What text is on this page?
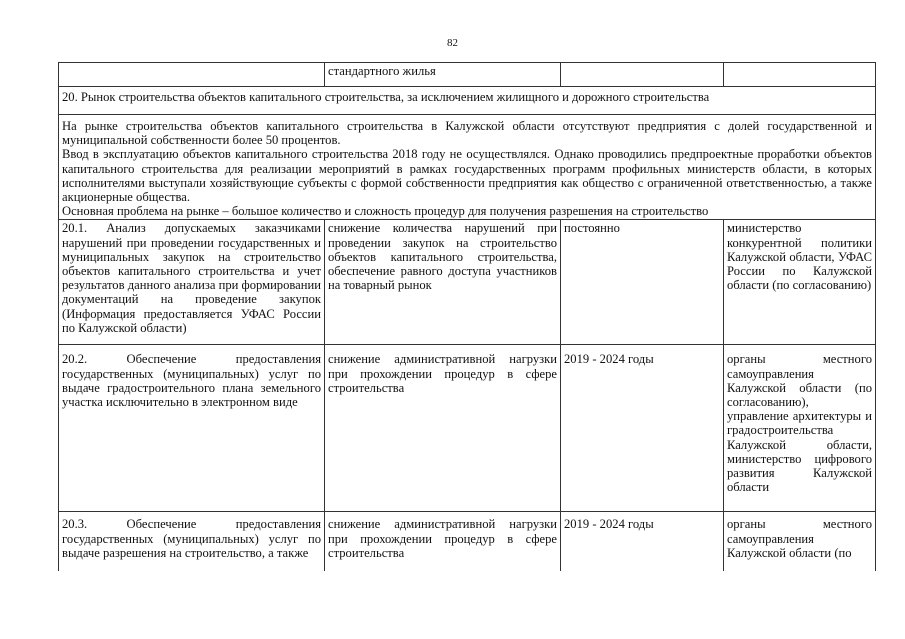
82
	стандартного жилья		
20. Рынок строительства объектов капитального строительства, за исключением жилищного и дорожного строительства			

На рынке строительства объектов капитального строительства в Калужской области отсутствуют предприятия с долей государственной и муниципальной собственности более 50 процентов.

Ввод в эксплуатацию объектов капитального строительства 2018 году не осуществлялся. Однако проводились предпроектные проработки объектов капитального строительства для реализации мероприятий в рамках государственных программ профильных министерств области, в которых исполнителями выступали хозяйствующие субъекты с формой собственности предприятия как общество с ограниченной ответственностью, а также акционерные общества.

Основная проблема на рынке – большое количество и сложность процедур для получения разрешения на строительство			

20.1. Анализ допускаемых заказчиками нарушений при проведении государственных и муниципальных закупок на строительство объектов капитального строительства и учет результатов данного анализа при формировании документаций на проведение закупок (Информация предоставляется УФАС России по Калужской области)	снижение количества нарушений при проведении закупок на строительство объектов капитального строительства, обеспечение равного доступа участников на товарный рынок	постоянно	министерство конкурентной политики Калужской области, УФАС России по Калужской области (по согласованию)
20.2. Обеспечение предоставления государственных (муниципальных) услуг по выдаче градостроительного плана земельного участка исключительно в электронном виде	снижение административной нагрузки при прохождении процедур в сфере строительства	2019 - 2024 годы	органы местного самоуправления Калужской области (по согласованию), управление архитектуры и градостроительства Калужской области, министерство цифрового развития Калужской области

20.3. Обеспечение предоставления государственных (муниципальных) услуг по выдаче разрешения на строительство, а также	снижение административной нагрузки при прохождении процедур в сфере строительства	2019 - 2024 годы	органы местного самоуправления Калужской области (по
